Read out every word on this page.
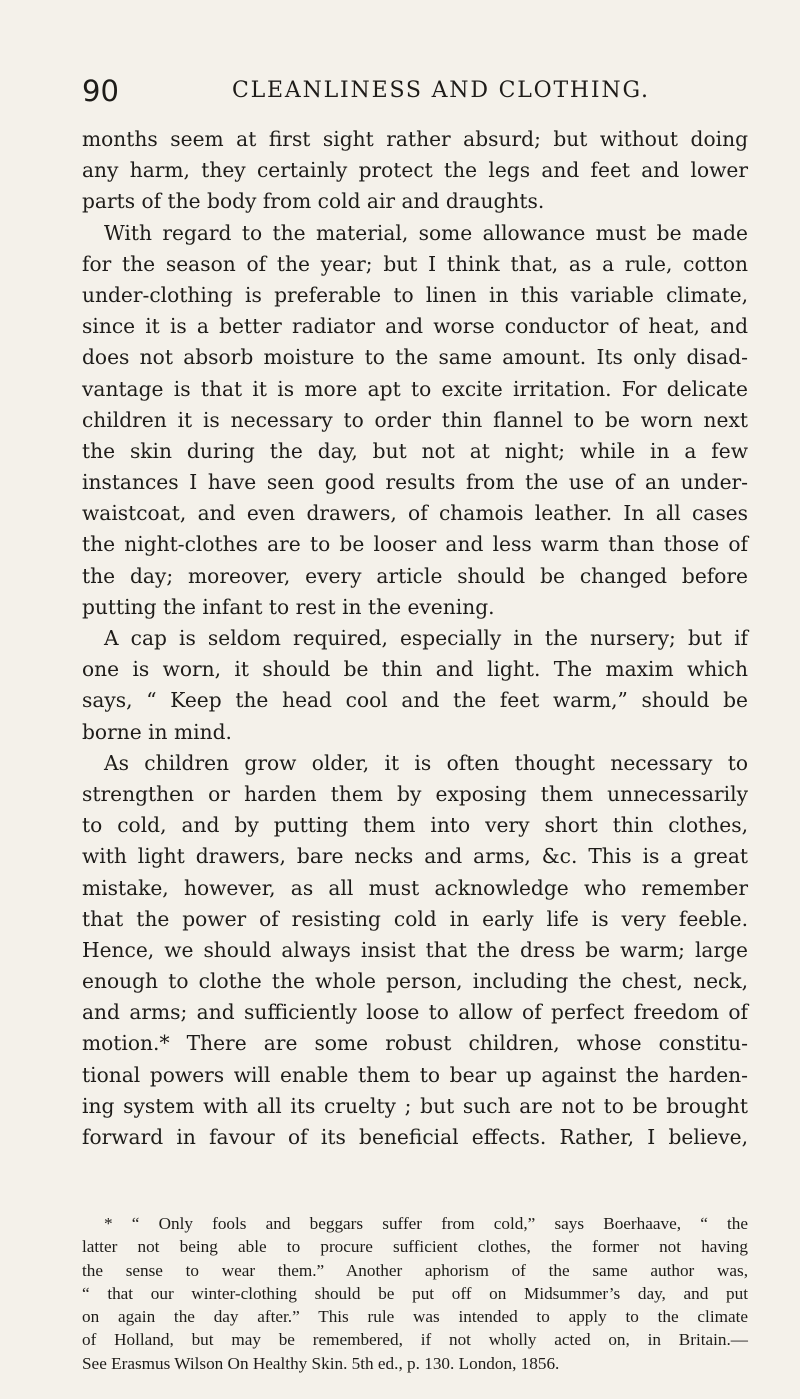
90	CLEANLINESS AND CLOTHING.
months seem at first sight rather absurd; but without doing
any harm, they certainly protect the legs and feet and lower
parts of the body from cold air and draughts.
With regard to the material, some allowance must be made
for the season of the year; but I think that, as a rule, cotton
under-clothing is preferable to linen in this variable climate,
since it is a better radiator and worse conductor of heat, and
does not absorb moisture to the same amount. Its only disad-
vantage is that it is more apt to excite irritation. For delicate
children it is necessary to order thin flannel to be worn next
the skin during the day, but not at night; while in a few
instances I have seen good results from the use of an under-
waistcoat, and even drawers, of chamois leather. In all cases
the night-clothes are to be looser and less warm than those of
the day; moreover, every article should be changed before
putting the infant to rest in the evening.
A cap is seldom required, especially in the nursery; but if
one is worn, it should be thin and light. The maxim which
says, “ Keep the head cool and the feet warm,” should be
borne in mind.
As children grow older, it is often thought necessary to
strengthen or harden them by exposing them unnecessarily
to cold, and by putting them into very short thin clothes,
with light drawers, bare necks and arms, &c. This is a great
mistake, however, as all must acknowledge who remember
that the power of resisting cold in early life is very feeble.
Hence, we should always insist that the dress be warm; large
enough to clothe the whole person, including the chest, neck,
and arms; and sufficiently loose to allow of perfect freedom of
motion.* There are some robust children, whose constitu-
tional powers will enable them to bear up against the harden-
ing system with all its cruelty ; but such are not to be brought
forward in favour of its beneficial effects. Rather, I believe,
* “ Only fools and beggars suffer from cold,” says Boerhaave, “ the
latter not being able to procure sufficient clothes, the former not having
the sense to wear them.” Another aphorism of the same author was,
“ that our winter-clothing should be put off on Midsummer’s day, and put
on again the day after.” This rule was intended to apply to the climate
of Holland, but may be remembered, if not wholly acted on, in Britain.—
See Erasmus Wilson On Healthy Skin. 5th ed., p. 130. London, 1856.
